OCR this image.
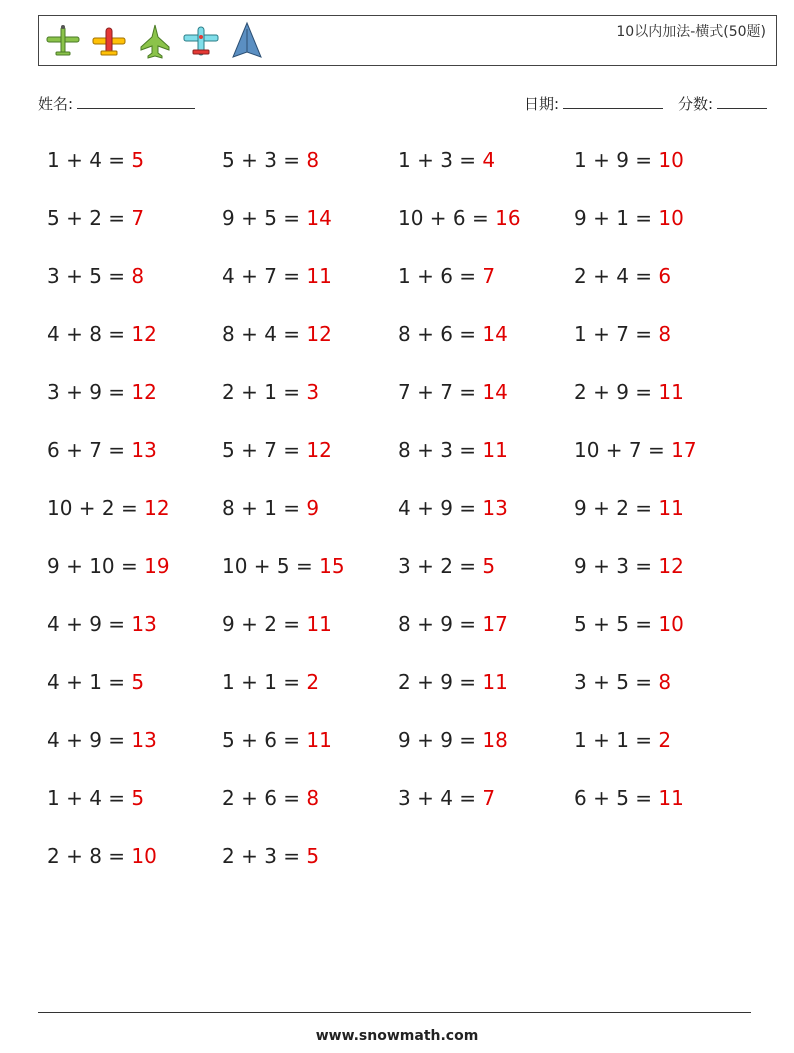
10以内加法-横式(50题)
姓名:	日期:	分数:
1 + 4 = 5	5 + 3 = 8	1 + 3 = 4	1 + 9 = 10
5 + 2 = 7	9 + 5 = 14	10 + 6 = 16	9 + 1 = 10
3 + 5 = 8	4 + 7 = 11	1 + 6 = 7	2 + 4 = 6
4 + 8 = 12	8 + 4 = 12	8 + 6 = 14	1 + 7 = 8
3 + 9 = 12	2 + 1 = 3	7 + 7 = 14	2 + 9 = 11
6 + 7 = 13	5 + 7 = 12	8 + 3 = 11	10 + 7 = 17
10 + 2 = 12	8 + 1 = 9	4 + 9 = 13	9 + 2 = 11
9 + 10 = 19	10 + 5 = 15	3 + 2 = 5	9 + 3 = 12
4 + 9 = 13	9 + 2 = 11	8 + 9 = 17	5 + 5 = 10
4 + 1 = 5	1 + 1 = 2	2 + 9 = 11	3 + 5 = 8
4 + 9 = 13	5 + 6 = 11	9 + 9 = 18	1 + 1 = 2
1 + 4 = 5	2 + 6 = 8	3 + 4 = 7	6 + 5 = 11
2 + 8 = 10	2 + 3 = 5
www.snowmath.com
